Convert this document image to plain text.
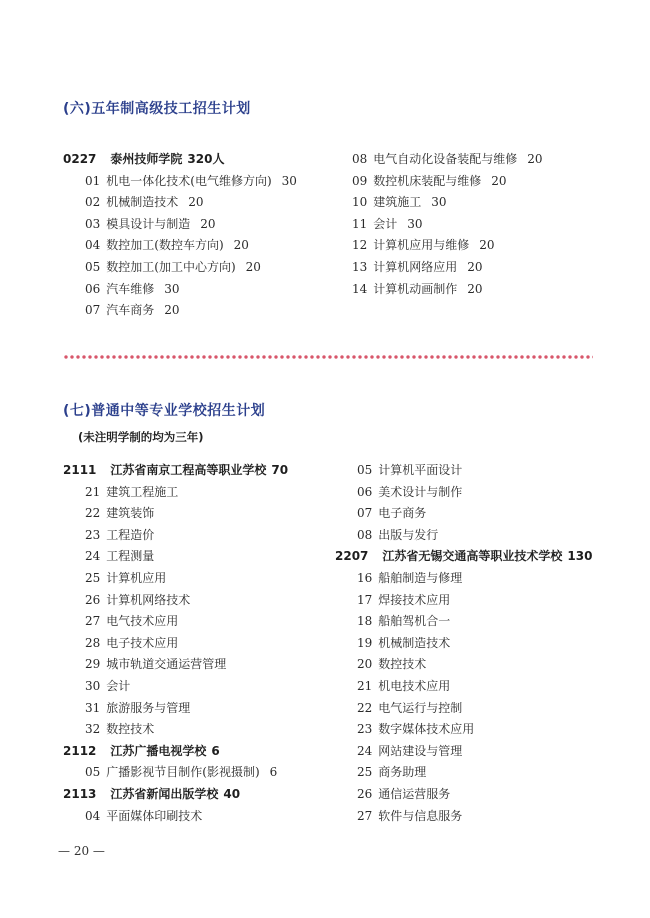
(六)五年制高级技工招生计划
0227 泰州技师学院 320人
01 机电一体化技术(电气维修方向) 30
02 机械制造技术 20
03 模具设计与制造 20
04 数控加工(数控车方向) 20
05 数控加工(加工中心方向) 20
06 汽车维修 30
07 汽车商务 20
08 电气自动化设备装配与维修 20
09 数控机床装配与维修 20
10 建筑施工 30
11 会计 30
12 计算机应用与维修 20
13 计算机网络应用 20
14 计算机动画制作 20
(七)普通中等专业学校招生计划
(未注明学制的均为三年)
2111 江苏省南京工程高等职业学校 70
21 建筑工程施工
22 建筑装饰
23 工程造价
24 工程测量
25 计算机应用
26 计算机网络技术
27 电气技术应用
28 电子技术应用
29 城市轨道交通运营管理
30 会计
31 旅游服务与管理
32 数控技术
2112 江苏广播电视学校 6
05 广播影视节目制作(影视摄制) 6
2113 江苏省新闻出版学校 40
04 平面媒体印刷技术
05 计算机平面设计
06 美术设计与制作
07 电子商务
08 出版与发行
2207 江苏省无锡交通高等职业技术学校 130
16 船舶制造与修理
17 焊接技术应用
18 船舶驾机合一
19 机械制造技术
20 数控技术
21 机电技术应用
22 电气运行与控制
23 数字媒体技术应用
24 网站建设与管理
25 商务助理
26 通信运营服务
27 软件与信息服务
— 20 —
